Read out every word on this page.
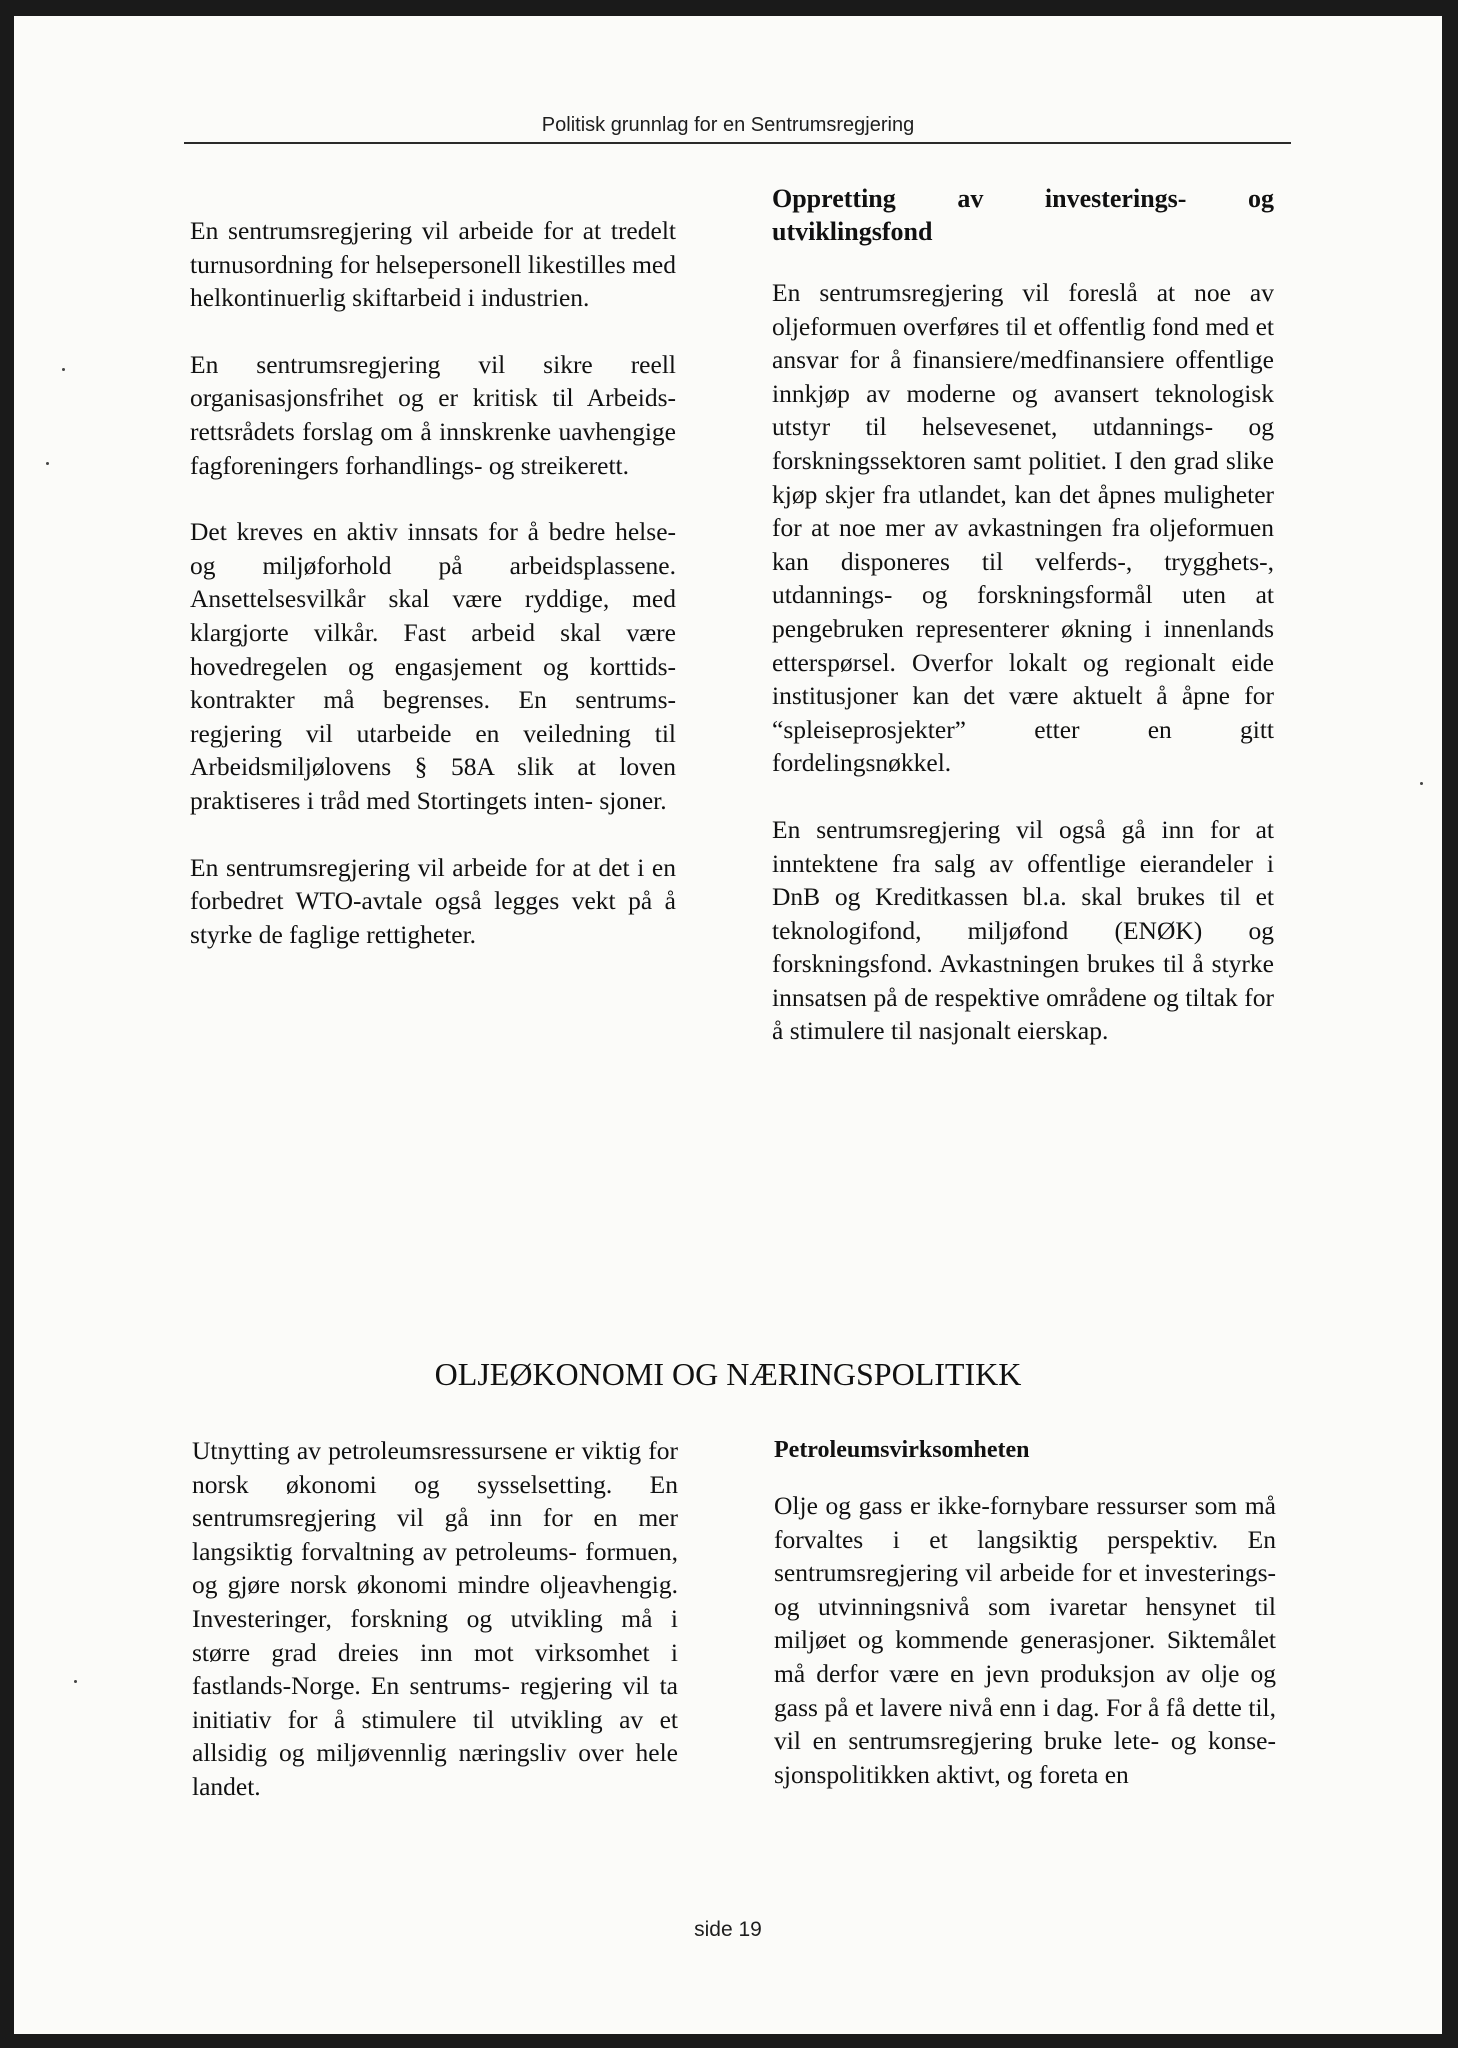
Politisk grunnlag for en Sentrumsregjering

En sentrumsregjering vil arbeide for at tredelt turnusordning for helsepersonell likestilles med helkontinuerlig skiftarbeid i industrien.

En sentrumsregjering vil sikre reell organisasjonsfrihet og er kritisk til Arbeids- rettsrådets forslag om å innskrenke uavhengige fagforeningers forhandlings- og streikerett.

Det kreves en aktiv innsats for å bedre helse- og miljøforhold på arbeidsplassene. Ansettelsesvilkår skal være ryddige, med klargjorte vilkår. Fast arbeid skal være hovedregelen og engasjement og korttids- kontrakter må begrenses. En sentrums- regjering vil utarbeide en veiledning til Arbeidsmiljølovens § 58A slik at loven praktiseres i tråd med Stortingets inten- sjoner.

En sentrumsregjering vil arbeide for at det i en forbedret WTO-avtale også legges vekt på å styrke de faglige rettigheter.

Oppretting av investerings- og utviklingsfond

En sentrumsregjering vil foreslå at noe av oljeformuen overføres til et offentlig fond med et ansvar for å finansiere/medfinansiere offentlige innkjøp av moderne og avansert teknologisk utstyr til helsevesenet, utdannings- og forskningssektoren samt politiet. I den grad slike kjøp skjer fra utlandet, kan det åpnes muligheter for at noe mer av avkastningen fra oljeformuen kan disponeres til velferds-, trygghets-, utdannings- og forskningsformål uten at pengebruken representerer økning i innenlands etterspørsel. Overfor lokalt og regionalt eide institusjoner kan det være aktuelt å åpne for “spleiseprosjekter” etter en gitt fordelingsnøkkel.

En sentrumsregjering vil også gå inn for at inntektene fra salg av offentlige eierandeler i DnB og Kreditkassen bl.a. skal brukes til et teknologifond, miljøfond (ENØK) og forskningsfond. Avkastningen brukes til å styrke innsatsen på de respektive områdene og tiltak for å stimulere til nasjonalt eierskap.

OLJEØKONOMI OG NÆRINGSPOLITIKK

Utnytting av petroleumsressursene er viktig for norsk økonomi og sysselsetting. En sentrumsregjering vil gå inn for en mer langsiktig forvaltning av petroleums- formuen, og gjøre norsk økonomi mindre oljeavhengig. Investeringer, forskning og utvikling må i større grad dreies inn mot virksomhet i fastlands-Norge. En sentrums- regjering vil ta initiativ for å stimulere til utvikling av et allsidig og miljøvennlig næringsliv over hele landet.

Petroleumsvirksomheten

Olje og gass er ikke-fornybare ressurser som må forvaltes i et langsiktig perspektiv. En sentrumsregjering vil arbeide for et investerings- og utvinningsnivå som ivaretar hensynet til miljøet og kommende generasjoner. Siktemålet må derfor være en jevn produksjon av olje og gass på et lavere nivå enn i dag. For å få dette til, vil en sentrumsregjering bruke lete- og konse- sjonspolitikken aktivt, og foreta en

side 19
